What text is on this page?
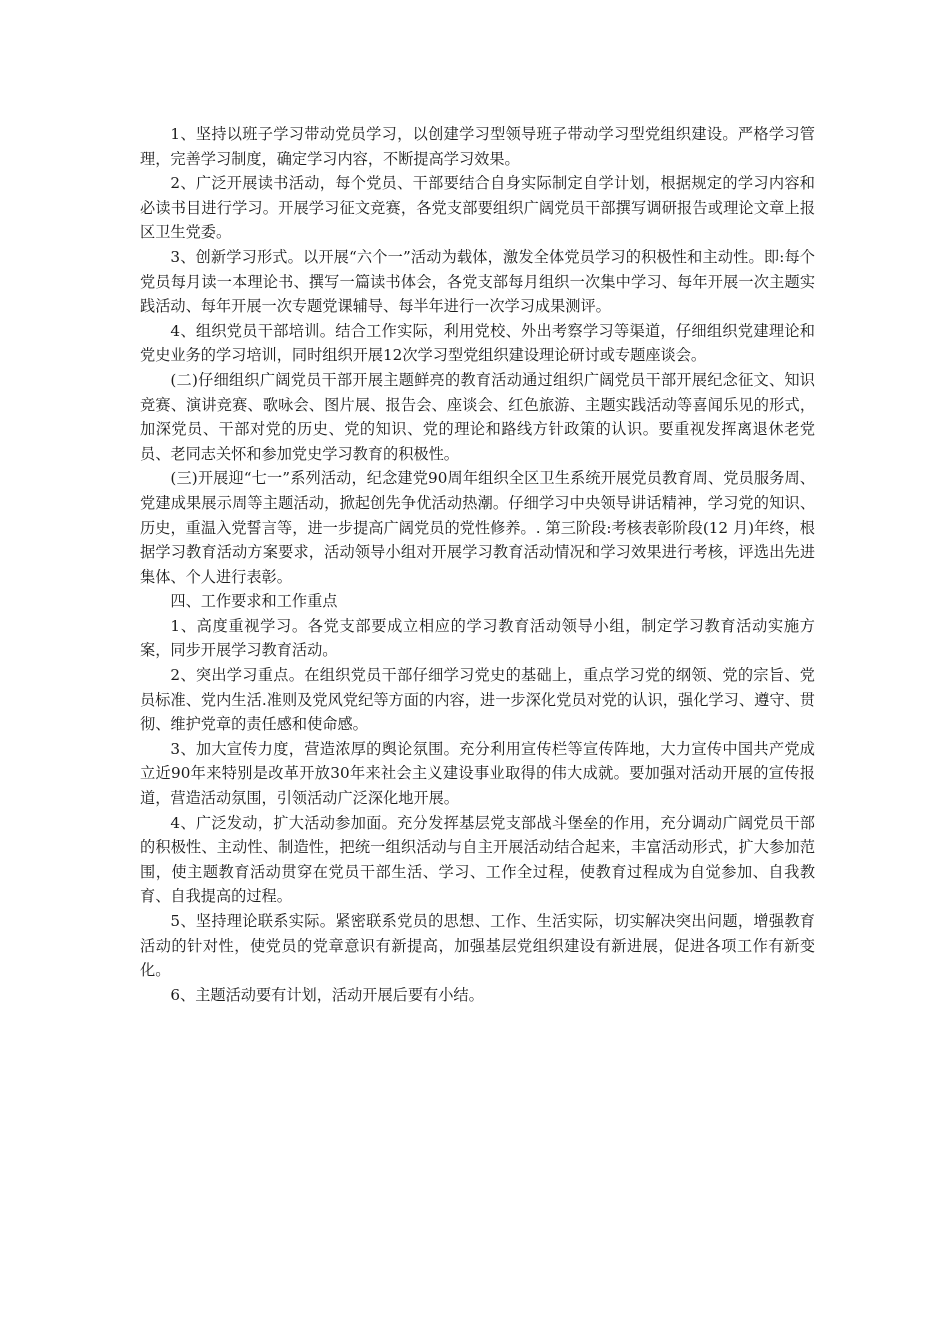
1、坚持以班子学习带动党员学习，以创建学习型领导班子带动学习型党组织建设。严格学习管理，完善学习制度，确定学习内容，不断提高学习效果。

2、广泛开展读书活动，每个党员、干部要结合自身实际制定自学计划，根据规定的学习内容和必读书目进行学习。开展学习征文竞赛，各党支部要组织广阔党员干部撰写调研报告或理论文章上报区卫生党委。

3、创新学习形式。以开展“六个一”活动为载体，激发全体党员学习的积极性和主动性。即:每个党员每月读一本理论书、撰写一篇读书体会，各党支部每月组织一次集中学习、每年开展一次主题实践活动、每年开展一次专题党课辅导、每半年进行一次学习成果测评。

4、组织党员干部培训。结合工作实际，利用党校、外出考察学习等渠道，仔细组织党建理论和党史业务的学习培训，同时组织开展12次学习型党组织建设理论研讨或专题座谈会。

(二)仔细组织广阔党员干部开展主题鲜亮的教育活动通过组织广阔党员干部开展纪念征文、知识竞赛、演讲竞赛、歌咏会、图片展、报告会、座谈会、红色旅游、主题实践活动等喜闻乐见的形式，加深党员、干部对党的历史、党的知识、党的理论和路线方针政策的认识。要重视发挥离退休老党员、老同志关怀和参加党史学习教育的积极性。

(三)开展迎“七一”系列活动，纪念建党90周年组织全区卫生系统开展党员教育周、党员服务周、党建成果展示周等主题活动，掀起创先争优活动热潮。仔细学习中央领导讲话精神，学习党的知识、历史，重温入党誓言等，进一步提高广阔党员的党性修养。. 第三阶段:考核表彰阶段(12 月)年终，根据学习教育活动方案要求，活动领导小组对开展学习教育活动情况和学习效果进行考核，评选出先进集体、个人进行表彰。

四、工作要求和工作重点

1、高度重视学习。各党支部要成立相应的学习教育活动领导小组，制定学习教育活动实施方案，同步开展学习教育活动。

2、突出学习重点。在组织党员干部仔细学习党史的基础上，重点学习党的纲领、党的宗旨、党员标准、党内生活.准则及党风党纪等方面的内容，进一步深化党员对党的认识，强化学习、遵守、贯彻、维护党章的责任感和使命感。

3、加大宣传力度，营造浓厚的舆论氛围。充分利用宣传栏等宣传阵地，大力宣传中国共产党成立近90年来特别是改革开放30年来社会主义建设事业取得的伟大成就。要加强对活动开展的宣传报道，营造活动氛围，引领活动广泛深化地开展。

4、广泛发动，扩大活动参加面。充分发挥基层党支部战斗堡垒的作用，充分调动广阔党员干部的积极性、主动性、制造性，把统一组织活动与自主开展活动结合起来，丰富活动形式，扩大参加范围，使主题教育活动贯穿在党员干部生活、学习、工作全过程，使教育过程成为自觉参加、自我教育、自我提高的过程。

5、坚持理论联系实际。紧密联系党员的思想、工作、生活实际，切实解决突出问题，增强教育活动的针对性，使党员的党章意识有新提高，加强基层党组织建设有新进展，促进各项工作有新变化。

6、主题活动要有计划，活动开展后要有小结。
